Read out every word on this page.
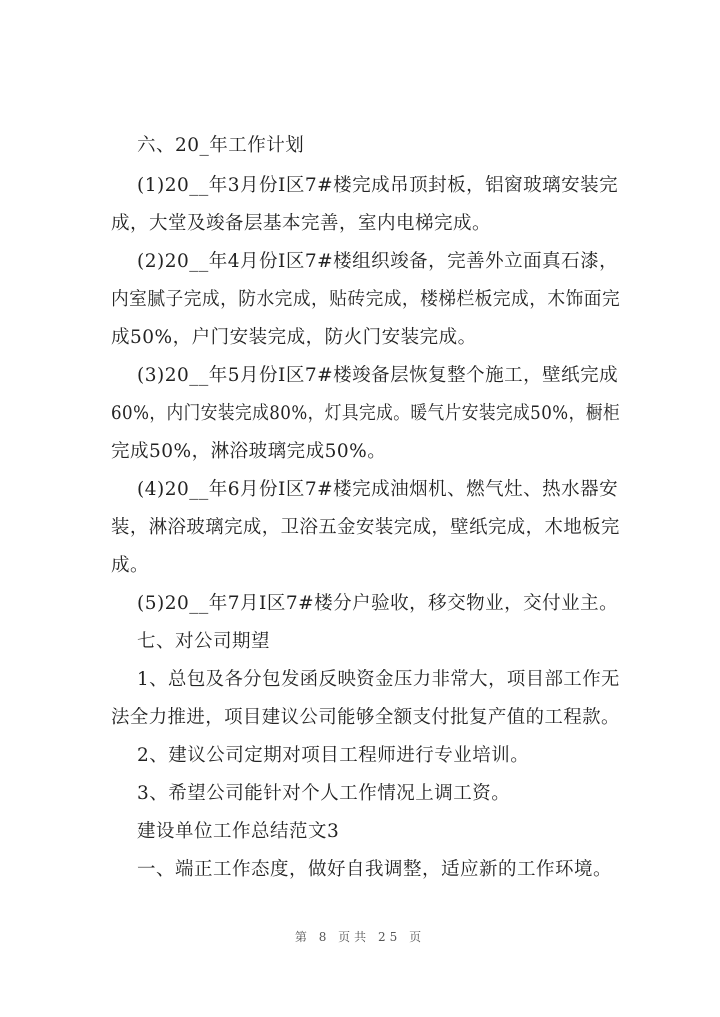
六、20_年工作计划
(1)20__年3月份I区7#楼完成吊顶封板，铝窗玻璃安装完
成，大堂及竣备层基本完善，室内电梯完成。
(2)20__年4月份I区7#楼组织竣备，完善外立面真石漆，
内室腻子完成，防水完成，贴砖完成，楼梯栏板完成，木饰面完
成50%，户门安装完成，防火门安装完成。
(3)20__年5月份I区7#楼竣备层恢复整个施工，壁纸完成
60%，内门安装完成80%，灯具完成。暖气片安装完成50%，橱柜
完成50%，淋浴玻璃完成50%。
(4)20__年6月份I区7#楼完成油烟机、燃气灶、热水器安
装，淋浴玻璃完成，卫浴五金安装完成，壁纸完成，木地板完
成。
(5)20__年7月I区7#楼分户验收，移交物业，交付业主。
七、对公司期望
1、总包及各分包发函反映资金压力非常大，项目部工作无
法全力推进，项目建议公司能够全额支付批复产值的工程款。
2、建议公司定期对项目工程师进行专业培训。
3、希望公司能针对个人工作情况上调工资。
建设单位工作总结范文3
一、端正工作态度，做好自我调整，适应新的工作环境。
第 8 页共 25 页
